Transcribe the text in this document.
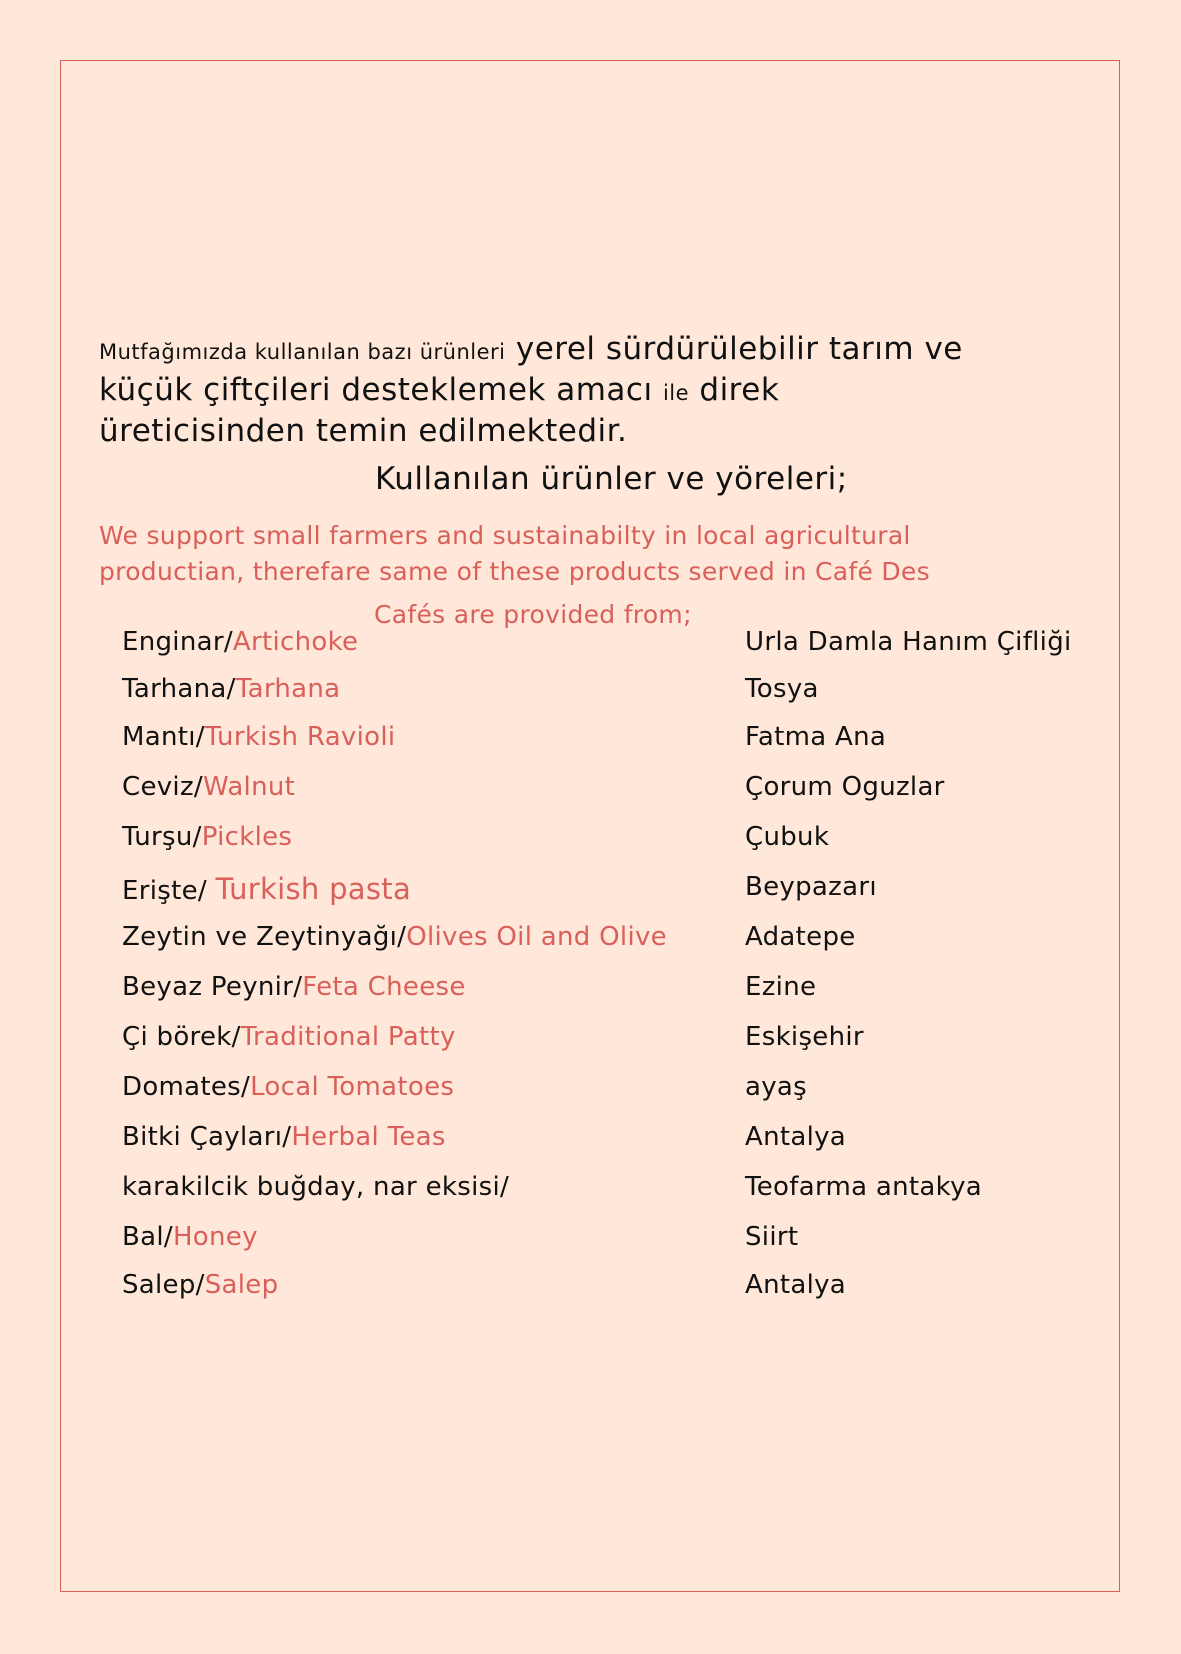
Mutfağımızda kullanılan bazı ürünleri yerel sürdürülebilir tarım ve küçük çiftçileri desteklemek amacı ile direk üreticisinden temin edilmektedir.
Kullanılan ürünler ve yöreleri;
We support small farmers and sustainabilty in local agricultural productian, therefare same of these products served in Café Des
Cafés are provided from;
Enginar/Artichoke	Urla Damla Hanım Çifliği
Tarhana/Tarhana	Tosya
Mantı/Turkish Ravioli	Fatma Ana
Ceviz/Walnut	Çorum Oguzlar
Turşu/Pickles	Çubuk
Erişte/ Turkish pasta	Beypazarı
Zeytin ve Zeytinyağı/Olives Oil and Olive	Adatepe
Beyaz Peynir/Feta Cheese	Ezine
Çi börek/Traditional Patty	Eskişehir
Domates/Local Tomatoes	ayaş
Bitki Çayları/Herbal Teas	Antalya
karakilcik buğday, nar eksisi/	Teofarma antakya
Bal/Honey	Siirt
Salep/Salep	Antalya
